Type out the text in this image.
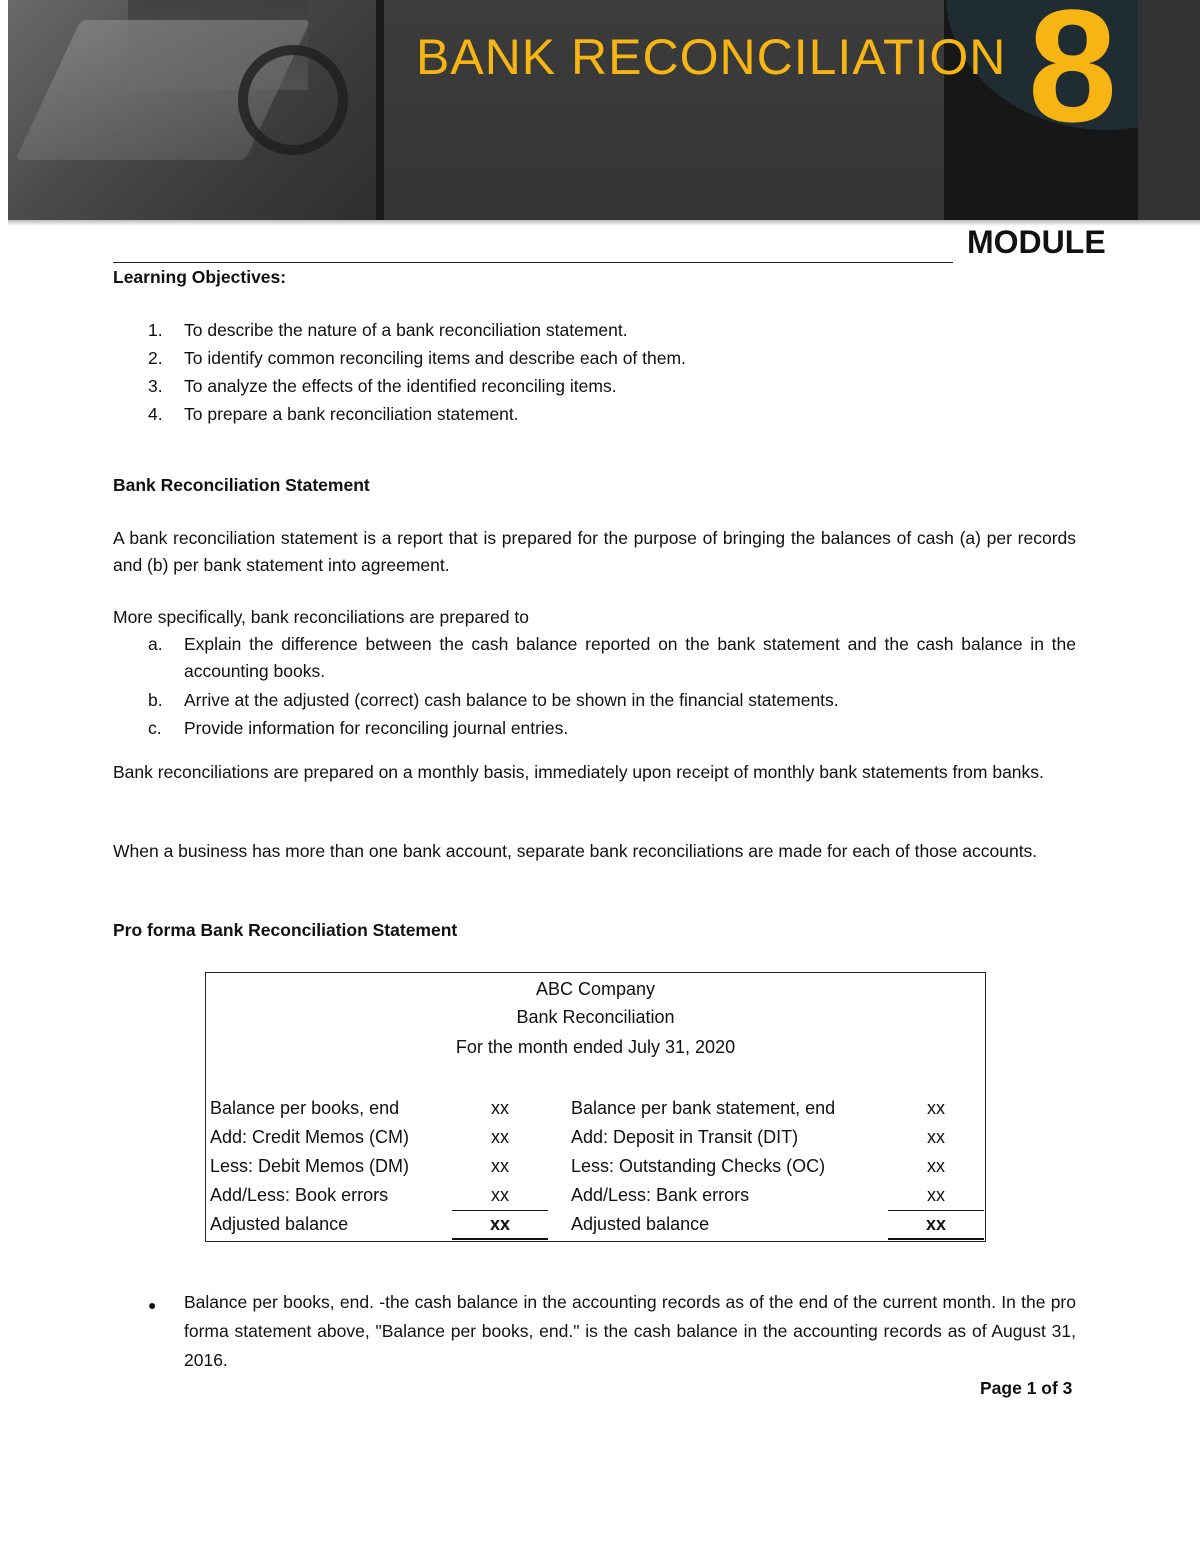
BANK RECONCILIATION 8
MODULE
Learning Objectives:
1. To describe the nature of a bank reconciliation statement.
2. To identify common reconciling items and describe each of them.
3. To analyze the effects of the identified reconciling items.
4. To prepare a bank reconciliation statement.
Bank Reconciliation Statement
A bank reconciliation statement is a report that is prepared for the purpose of bringing the balances of cash (a) per records and (b) per bank statement into agreement.
More specifically, bank reconciliations are prepared to
a. Explain the difference between the cash balance reported on the bank statement and the cash balance in the accounting books.
b. Arrive at the adjusted (correct) cash balance to be shown in the financial statements.
c. Provide information for reconciling journal entries.
Bank reconciliations are prepared on a monthly basis, immediately upon receipt of monthly bank statements from banks.
When a business has more than one bank account, separate bank reconciliations are made for each of those accounts.
Pro forma Bank Reconciliation Statement
ABC Company
Bank Reconciliation
For the month ended July 31, 2020
Balance per books, end	xx
Add: Credit Memos (CM)	xx
Less: Debit Memos (DM)	xx
Add/Less: Book errors	xx
Adjusted balance	xx
Balance per bank statement, end	xx
Add: Deposit in Transit (DIT)	xx
Less: Outstanding Checks (OC)	xx
Add/Less: Bank errors	xx
Adjusted balance	xx
● Balance per books, end. -the cash balance in the accounting records as of the end of the current month. In the pro forma statement above, "Balance per books, end." is the cash balance in the accounting records as of August 31, 2016.
Page 1 of 3
